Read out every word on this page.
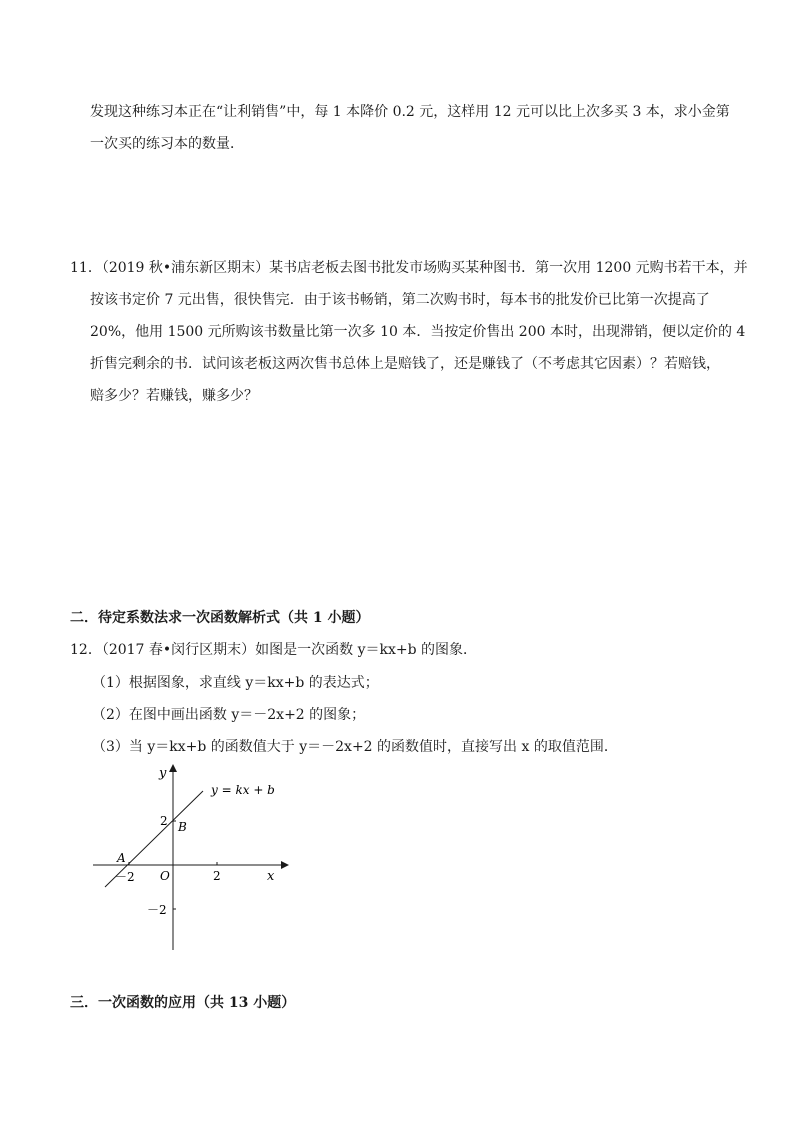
发现这种练习本正在“让利销售”中，每 1 本降价 0.2 元，这样用 12 元可以比上次多买 3 本，求小金第
一次买的练习本的数量．
11．（2019 秋•浦东新区期末）某书店老板去图书批发市场购买某种图书．第一次用 1200 元购书若干本，并
按该书定价 7 元出售，很快售完．由于该书畅销，第二次购书时，每本书的批发价已比第一次提高了
20%，他用 1500 元所购该书数量比第一次多 10 本．当按定价售出 200 本时，出现滞销，便以定价的 4
折售完剩余的书．试问该老板这两次售书总体上是赔钱了，还是赚钱了（不考虑其它因素）？若赔钱，
赔多少？若赚钱，赚多少？
二．待定系数法求一次函数解析式（共 1 小题）
12．（2017 春•闵行区期末）如图是一次函数 y＝kx+b 的图象．
（1）根据图象，求直线 y＝kx+b 的表达式；
（2）在图中画出函数 y＝－2x+2 的图象；
（3）当 y＝kx+b 的函数值大于 y＝－2x+2 的函数值时，直接写出 x 的取值范围．
y
x
y = kx + b
A
B
O
2
2
－2
－2
三．一次函数的应用（共 13 小题）
